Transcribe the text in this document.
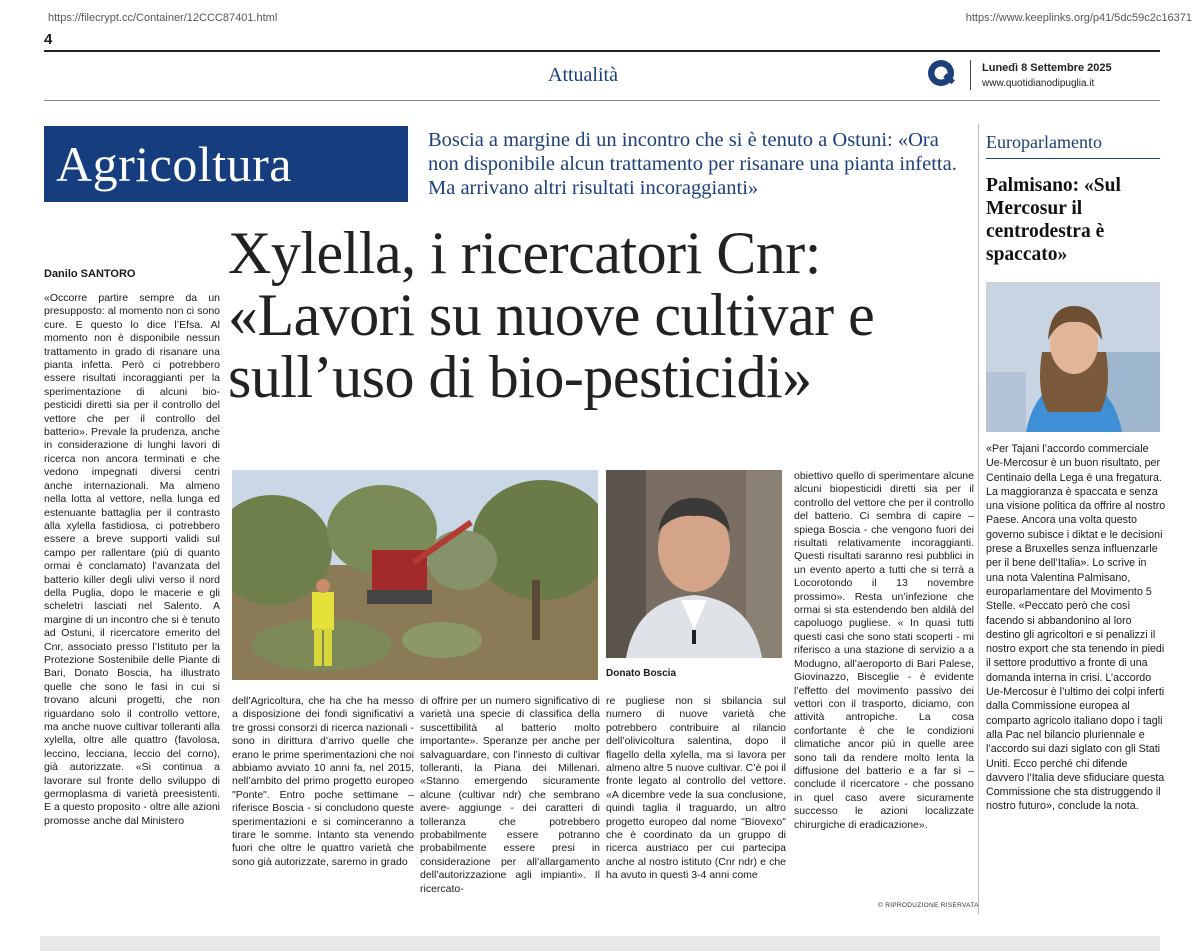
https://filecrypt.cc/Container/12CCC87401.html	https://www.keeplinks.org/p41/5dc59c2c16371
4
Attualità	Lunedì 8 Settembre 2025
www.quotidianodipuglia.it
Agricoltura	Boscia a margine di un incontro che si è tenuto a Ostuni: «Ora non disponibile alcun trattamento per risanare una pianta infetta. Ma arrivano altri risultati incoraggianti»
Xylella, i ricercatori Cnr: «Lavori su nuove cultivar e sull’uso di bio-pesticidi»
Danilo SANTORO
«Occorre partire sempre da un presupposto: al momento non ci sono cure. E questo lo dice l’Efsa. Al momento non è disponibile nessun trattamento in grado di risanare una pianta infetta. Però ci potrebbero essere risultati incoraggianti per la sperimentazione di alcuni bio-pesticidi diretti sia per il controllo del vettore che per il controllo del batterio». Prevale la prudenza, anche in considerazione di lunghi lavori di ricerca non ancora terminati e che vedono impegnati diversi centri anche internazionali. Ma almeno nella lotta al vettore, nella lunga ed estenuante battaglia per il contrasto alla xylella fastidiosa, ci potrebbero essere a breve supporti validi sul campo per rallentare (più di quanto ormai è conclamato) l’avanzata del batterio killer degli ulivi verso il nord della Puglia, dopo le macerie e gli scheletri lasciati nel Salento. A margine di un incontro che si è tenuto ad Ostuni, il ricercatore emerito del Cnr, associato presso l’Istituto per la Protezione Sostenibile delle Piante di Bari, Donato Boscia, ha illustrato quelle che sono le fasi in cui si trovano alcuni progetti, che non riguardano solo il controllo vettore, ma anche nuove cultivar tolleranti alla xylella, oltre alle quattro (favolosa, leccino, lecciana, leccio del corno), già autorizzate. «Si continua a lavorare sul fronte dello sviluppo di germoplasma di varietà preesistenti. E a questo proposito - oltre alle azioni promosse anche dal Ministero
Donato Boscia
dell’Agricoltura, che ha che ha messo a disposizione dei fondi significativi a tre grossi consorzi di ricerca nazionali - sono in dirittura d’arrivo quelle che erano le prime sperimentazioni che noi abbiamo avviato 10 anni fa, nel 2015, nell’ambito del primo progetto europeo "Ponte". Entro poche settimane – riferisce Boscia - si concludono queste sperimentazioni e si cominceranno a tirare le somme. Intanto sta venendo fuori che oltre le quattro varietà che sono già autorizzate, saremo in grado
di offrire per un numero significativo di varietà una specie di classifica della suscettibilità al batterio molto importante». Speranze per anche per salvaguardare, con l’innesto di cultivar tolleranti, la Piana dei Millenari. «Stanno emergendo sicuramente alcune (cultivar ndr) che sembrano avere- aggiunge - dei caratteri di tolleranza che potrebbero probabilmente essere potranno probabilmente essere presi in considerazione per all’allargamento dell’autorizzazione agli impianti». Il ricercato-
re pugliese non si sbilancia sul numero di nuove varietà che potrebbero contribuire al rilancio dell’olivicoltura salentina, dopo il flagello della xylella, ma si lavora per almeno altre 5 nuove cultivar. C’è poi il fronte legato al controllo del vettore. «A dicembre vede la sua conclusione, quindi taglia il traguardo, un altro progetto europeo dal nome "Biovexo" che è coordinato da un gruppo di ricerca austriaco per cui partecipa anche al nostro istituto (Cnr ndr) e che ha avuto in questi 3-4 anni come
obiettivo quello di sperimentare alcune alcuni biopesticidi diretti sia per il controllo del vettore che per il controllo del batterio. Ci sembra di capire – spiega Boscia - che vengono fuori dei risultati relativamente incoraggianti. Questi risultati saranno resi pubblici in un evento aperto a tutti che si terrà a Locorotondo il 13 novembre prossimo». Resta un’infezione che ormai si sta estendendo ben aldilà del capoluogo pugliese. « In quasi tutti questi casi che sono stati scoperti - mi riferisco a una stazione di servizio a a Modugno, all’aeroporto di Bari Palese, Giovinazzo, Bisceglie - è evidente l’effetto del movimento passivo dei vettori con il trasporto, diciamo, con attività antropiche. La cosa confortante è che le condizioni climatiche ancor più in quelle aree sono tali da rendere molto lenta la diffusione del batterio e a far sì – conclude il ricercatore - che possano in quel caso avere sicuramente successo le azioni localizzate chirurgiche di eradicazione».
© RIPRODUZIONE RISERVATA
Europarlamento
Palmisano: «Sul Mercosur il centrodestra è spaccato»
«Per Tajani l’accordo commerciale Ue-Mercosur è un buon risultato, per Centinaio della Lega è una fregatura. La maggioranza è spaccata e senza una visione politica da offrire al nostro Paese. Ancora una volta questo governo subisce i diktat e le decisioni prese a Bruxelles senza influenzarle per il bene dell’Italia». Lo scrive in una nota Valentina Palmisano, europarlamentare del Movimento 5 Stelle. «Peccato però che così facendo si abbandonino al loro destino gli agricoltori e si penalizzi il nostro export che sta tenendo in piedi il settore produttivo a fronte di una domanda interna in crisi. L’accordo Ue-Mercosur è l’ultimo dei colpi inferti dalla Commissione europea al comparto agricolo italiano dopo i tagli alla Pac nel bilancio pluriennale e l’accordo sui dazi siglato con gli Stati Uniti. Ecco perché chi difende davvero l’Italia deve sfiduciare questa Commissione che sta distruggendo il nostro futuro», conclude la nota.
